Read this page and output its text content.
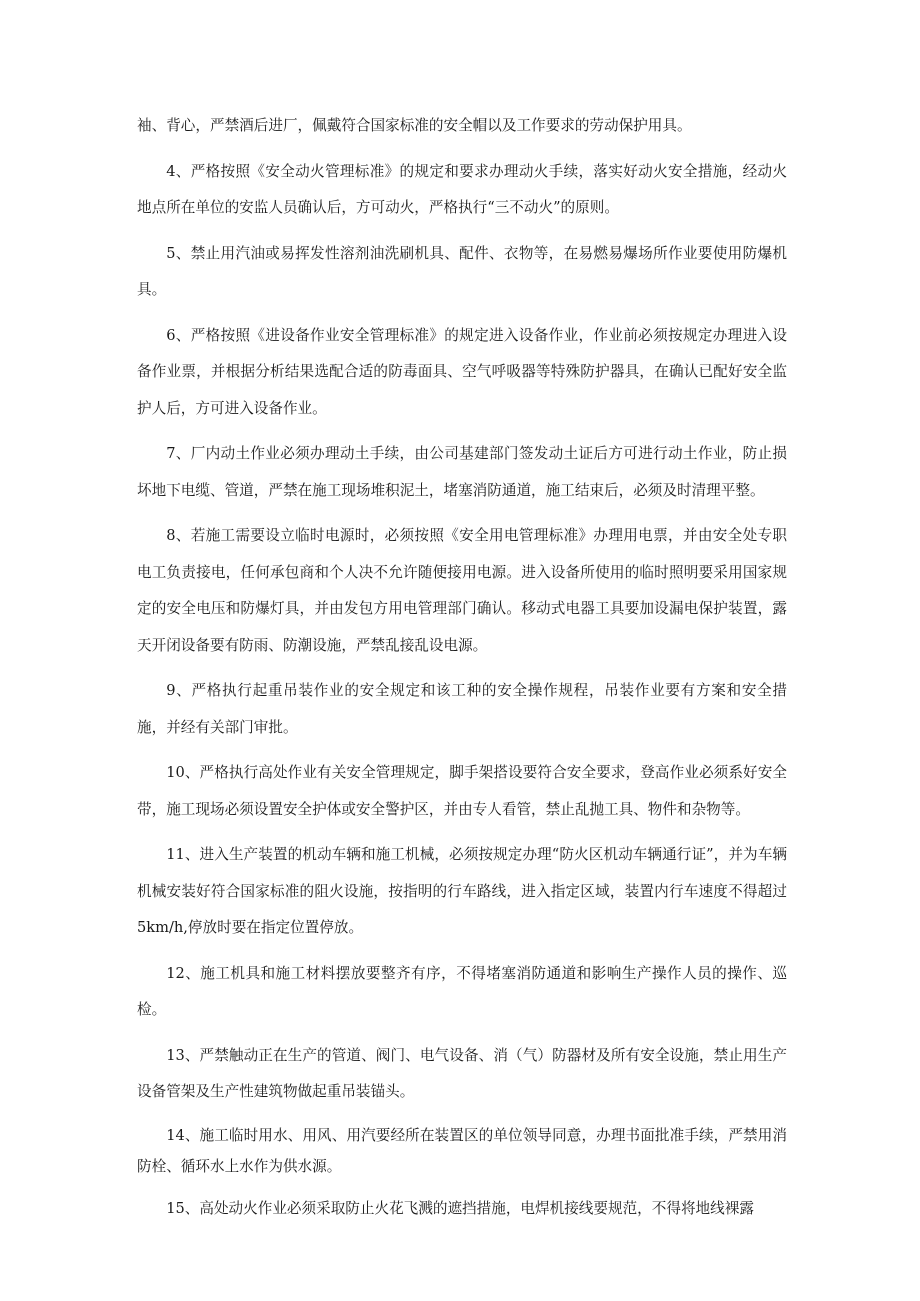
袖、背心，严禁酒后进厂，佩戴符合国家标准的安全帽以及工作要求的劳动保护用具。

4、严格按照《安全动火管理标准》的规定和要求办理动火手续，落实好动火安全措施，经动火地点所在单位的安监人员确认后，方可动火，严格执行“三不动火”的原则。

5、禁止用汽油或易挥发性溶剂油洗刷机具、配件、衣物等，在易燃易爆场所作业要使用防爆机具。

6、严格按照《进设备作业安全管理标准》的规定进入设备作业，作业前必须按规定办理进入设备作业票，并根据分析结果选配合适的防毒面具、空气呼吸器等特殊防护器具，在确认已配好安全监护人后，方可进入设备作业。

7、厂内动土作业必须办理动土手续，由公司基建部门签发动土证后方可进行动土作业，防止损坏地下电缆、管道，严禁在施工现场堆积泥土，堵塞消防通道，施工结束后，必须及时清理平整。

8、若施工需要设立临时电源时，必须按照《安全用电管理标准》办理用电票，并由安全处专职电工负责接电，任何承包商和个人决不允许随便接用电源。进入设备所使用的临时照明要采用国家规定的安全电压和防爆灯具，并由发包方用电管理部门确认。移动式电器工具要加设漏电保护装置，露天开闭设备要有防雨、防潮设施，严禁乱接乱设电源。

9、严格执行起重吊装作业的安全规定和该工种的安全操作规程，吊装作业要有方案和安全措施，并经有关部门审批。

10、严格执行高处作业有关安全管理规定，脚手架搭设要符合安全要求，登高作业必须系好安全带，施工现场必须设置安全护体或安全警护区，并由专人看管，禁止乱抛工具、物件和杂物等。

11、进入生产装置的机动车辆和施工机械，必须按规定办理“防火区机动车辆通行证”，并为车辆机械安装好符合国家标准的阻火设施，按指明的行车路线，进入指定区域，装置内行车速度不得超过5km/h,停放时要在指定位置停放。

12、施工机具和施工材料摆放要整齐有序，不得堵塞消防通道和影响生产操作人员的操作、巡检。

13、严禁触动正在生产的管道、阀门、电气设备、消（气）防器材及所有安全设施，禁止用生产设备管架及生产性建筑物做起重吊装锚头。

14、施工临时用水、用风、用汽要经所在装置区的单位领导同意，办理书面批准手续，严禁用消防栓、循环水上水作为供水源。

15、高处动火作业必须采取防止火花飞溅的遮挡措施，电焊机接线要规范，不得将地线裸露
